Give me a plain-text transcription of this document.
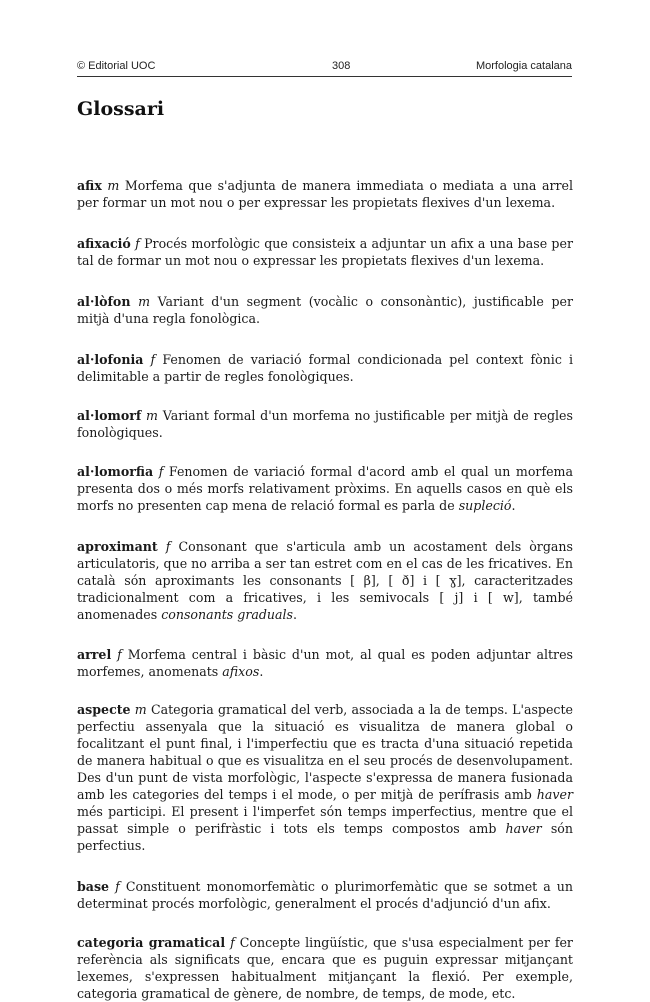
© Editorial UOC	308	Morfologia catalana
Glossari

afix m Morfema que s'adjunta de manera immediata o mediata a una arrel per formar un mot nou o per expressar les propietats flexives d'un lexema.

afixació f Procés morfològic que consisteix a adjuntar un afix a una base per tal de formar un mot nou o expressar les propietats flexives d'un lexema.

al·lòfon m Variant d'un segment (vocàlic o consonàntic), justificable per mitjà d'una regla fonològica.

al·lofonia f Fenomen de variació formal condicionada pel context fònic i delimitable a partir de regles fonològiques.

al·lomorf m Variant formal d'un morfema no justificable per mitjà de regles fonològiques.

al·lomorfia f Fenomen de variació formal d'acord amb el qual un morfema presenta dos o més morfs relativament pròxims. En aquells casos en què els morfs no presenten cap mena de relació formal es parla de supleció.

aproximant f Consonant que s'articula amb un acostament dels òrgans articulatoris, que no arriba a ser tan estret com en el cas de les fricatives. En català són aproximants les consonants [ β], [ ð] i [ ɣ], caracteritzades tradicionalment com a fricatives, i les semivocals [ j] i [ w], també anomenades consonants graduals.

arrel f Morfema central i bàsic d'un mot, al qual es poden adjuntar altres morfemes, anomenats afixos.

aspecte m Categoria gramatical del verb, associada a la de temps. L'aspecte perfectiu assenyala que la situació es visualitza de manera global o focalitzant el punt final, i l'imperfectiu que es tracta d'una situació repetida de manera habitual o que es visualitza en el seu procés de desenvolupament. Des d'un punt de vista morfològic, l'aspecte s'expressa de manera fusionada amb les categories del temps i el mode, o per mitjà de perífrasis amb haver més participi. El present i l'imperfet són temps imperfectius, mentre que el passat simple o perifràstic i tots els temps compostos amb haver són perfectius.

base f Constituent monomorfemàtic o plurimorfemàtic que se sotmet a un determinat procés morfològic, generalment el procés d'adjunció d'un afix.

categoria gramatical f Concepte lingüístic, que s'usa especialment per fer referència als significats que, encara que es puguin expressar mitjançant lexemes, s'expressen habitualment mitjançant la flexió. Per exemple, categoria gramatical de gènere, de nombre, de temps, de mode, etc.
